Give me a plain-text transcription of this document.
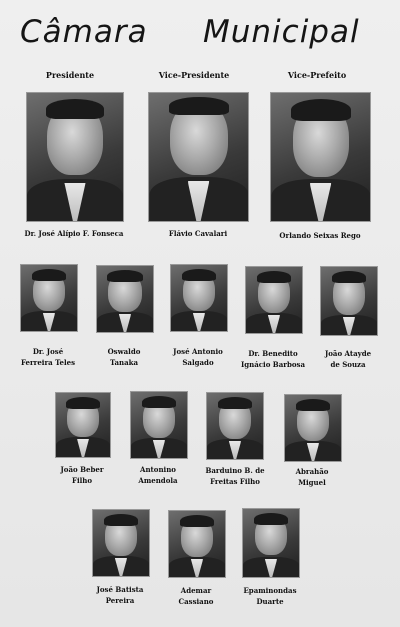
Câmara Municipal
Presidente	Vice-Presidente	Vice-Prefeito
Dr. José Alípio F. Fonseca	Flávio Cavalari	Orlando Seixas Rego
Dr. José
Ferreira Teles
Oswaldo
Tanaka
José Antonio
Salgado
Dr. Benedito
Ignácio Barbosa
João Atayde
de Souza
João Beber
Filho
Antonino
Amendola
Barduino B. de
Freitas Filho
Abrahão
Miguel
José Batista
Pereira
Ademar
Cassiano
Epaminondas
Duarte
